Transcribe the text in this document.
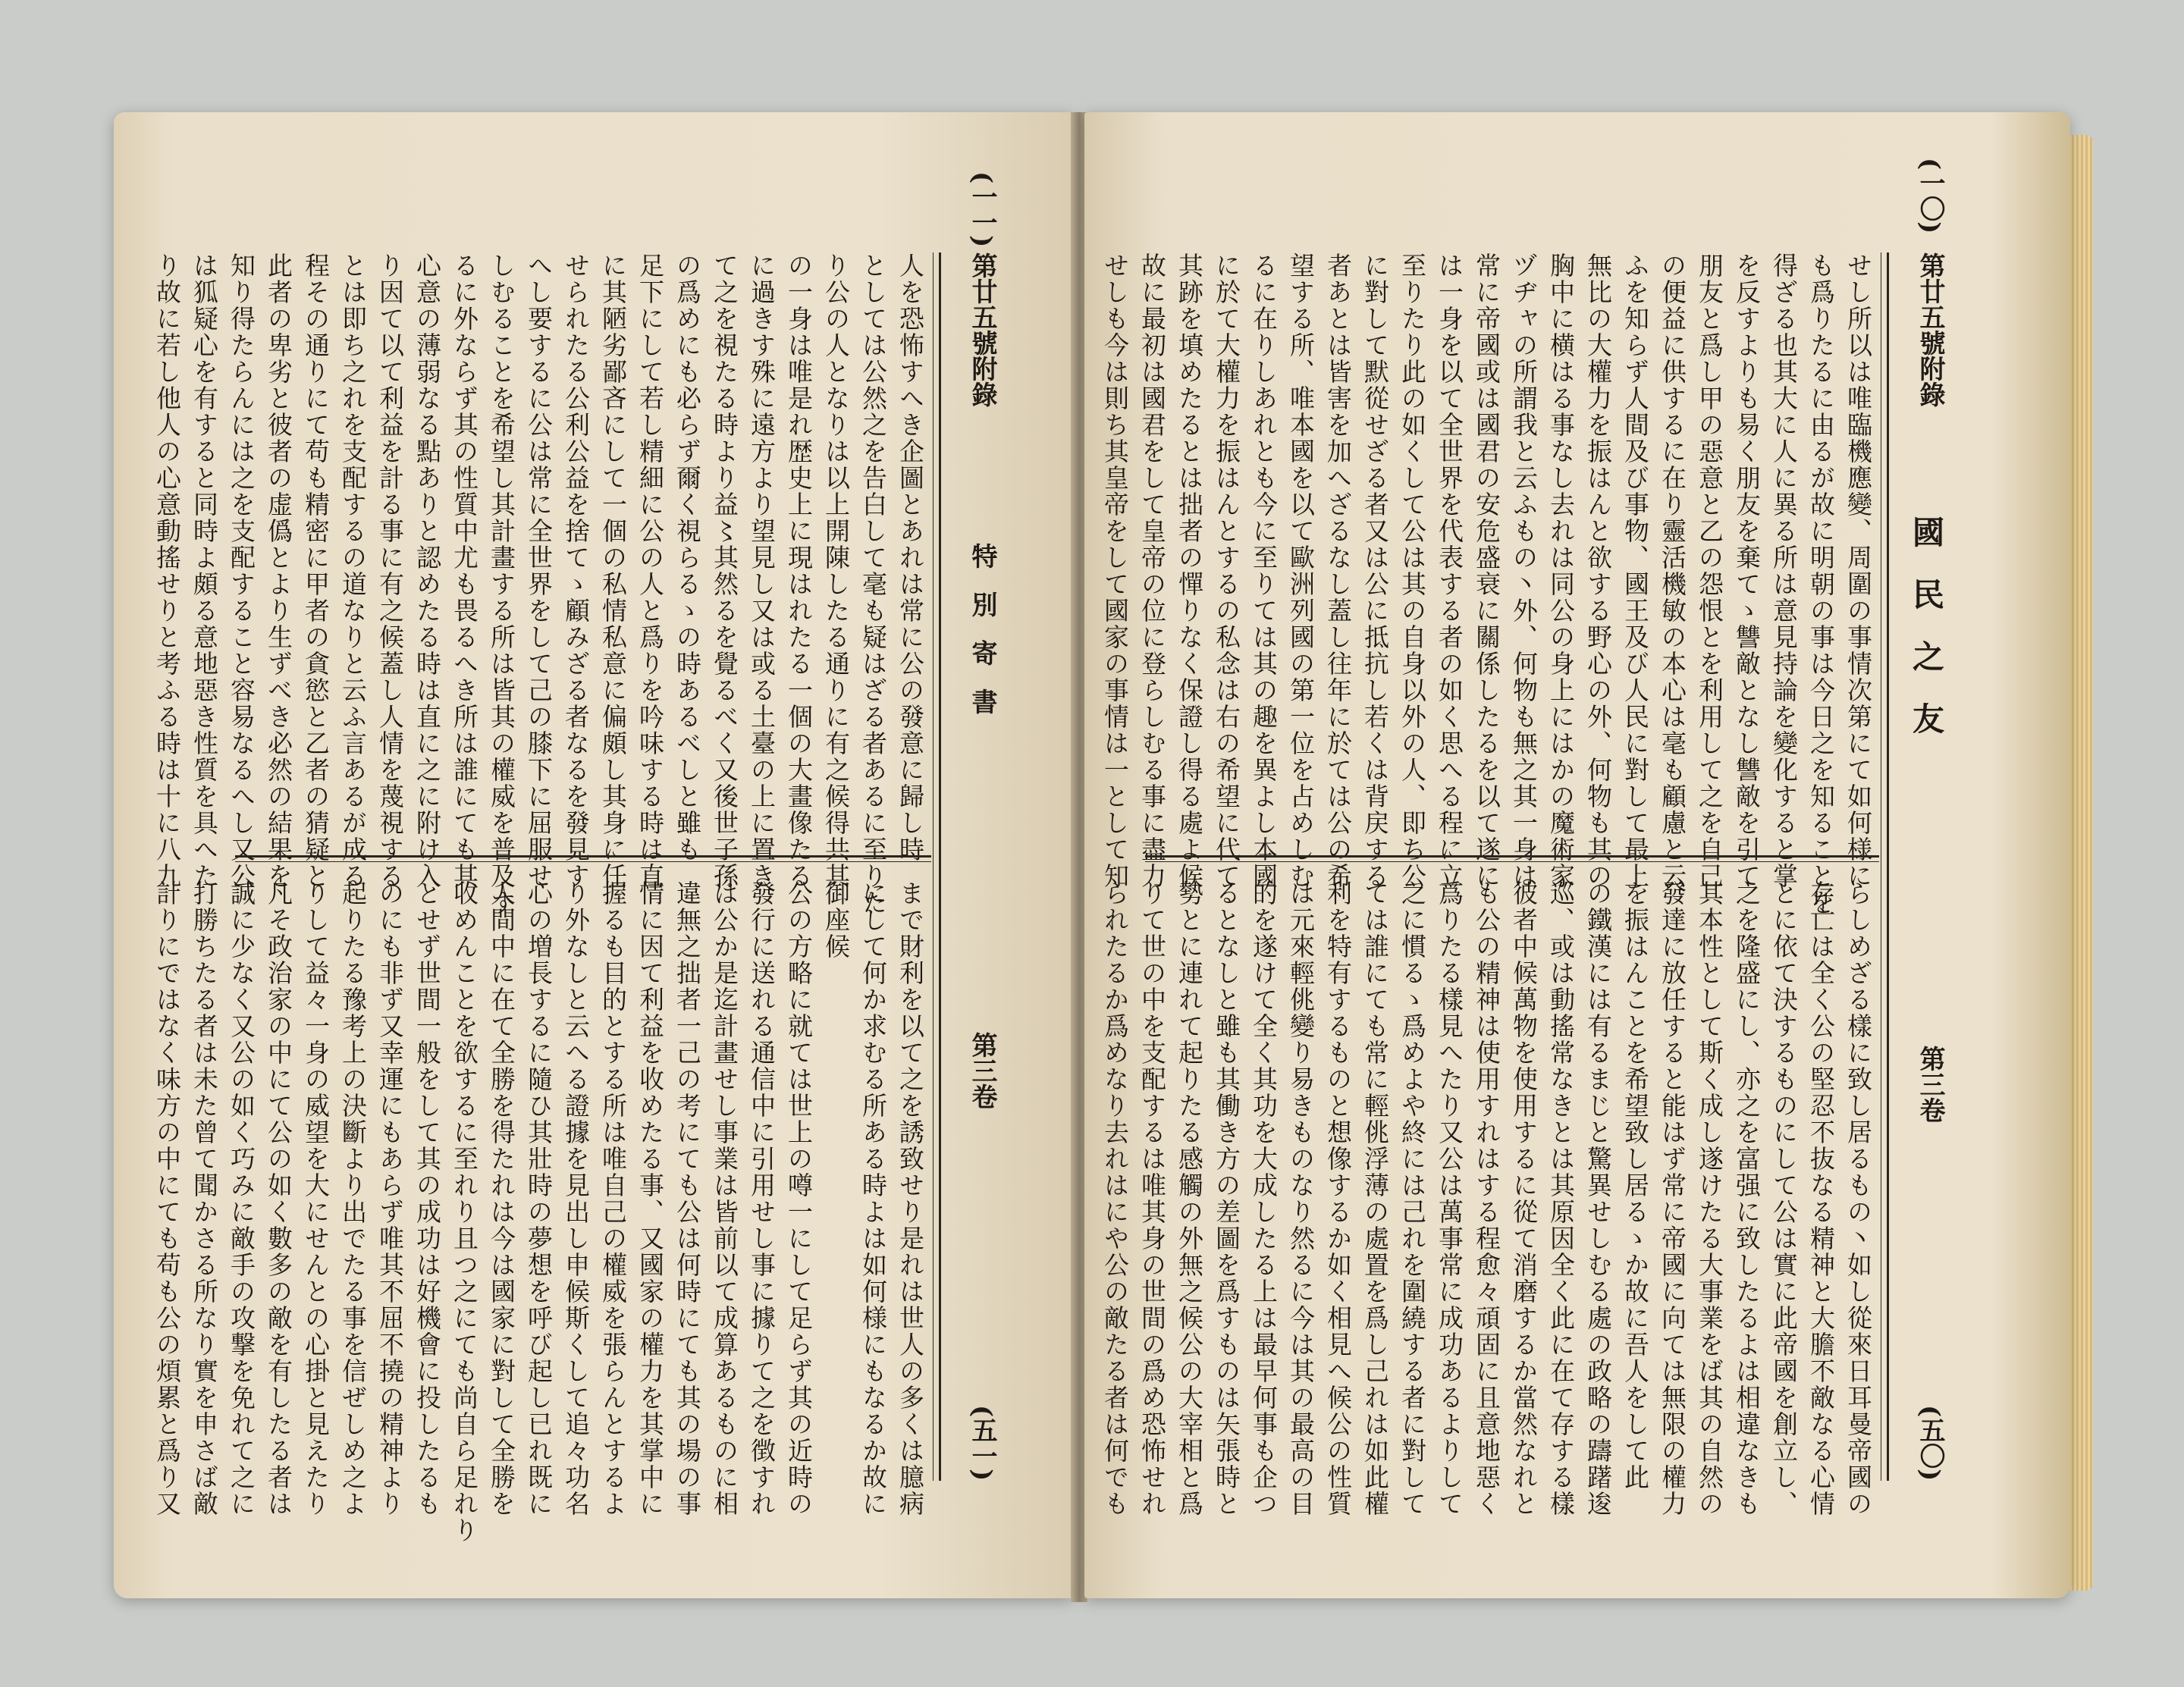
第廿五號附錄
(一一)
特別寄書
第三卷
(五一)
人を恐怖すへき企圖とあれは常に公の發意に歸し時
としては公然之を告白して毫も疑はざる者あるに至りた
り公の人となりは以上開陳したる通りに有之候得共其
の一身は唯是れ歴史上に現はれたる一個の大畫像たる
に過きす殊に遠方より望見し又は或る土臺の上に置き
て之を視たる時より益〻其然るを覺るべく又後世子孫
の爲めにも必らず爾く視らるゝの時あるべしと雖も
足下にして若し精細に公の人と爲りを吟味する時は直
に其陋劣鄙吝にして一個の私情私意に偏頗し其身に任
せられたる公利公益を捨てゝ顧みざる者なるを發見す
へし要するに公は常に全世界をして己の膝下に屈服せ
しむることを希望し其計畫する所は皆其の權威を普及す
るに外ならず其の性質中尤も畏るへき所は誰にても其
心意の薄弱なる點ありと認めたる時は直に之に附け入
り因て以て利益を計る事に有之候蓋し人情を蔑視する
とは即ち之れを支配するの道なりと云ふ言あるが成る
程その通りにて苟も精密に甲者の貪慾と乙者の猜疑と
此者の卑劣と彼者の虚僞とより生ずべき必然の結果を
知り得たらんには之を支配すること容易なるへし又公
は狐疑心を有すると同時よ頗る意地惡き性質を具へた
り故に若し他人の心意動搖せりと考ふる時は十に八九
まで財利を以て之を誘致せり是れは世人の多くは臆病
にして何か求むる所ある時よは如何様にもなるか故に
御座候
公の方略に就ては世上の噂一にして足らず其の近時の
發行に送れる通信中に引用せし事に據りて之を徴すれ
は公か是迄計畫せし事業は皆前以て成算あるものに相
違無之拙者一己の考にても公は何時にても其の場の事
情に因て利益を收めたる事、又國家の權力を其掌中に
握るも目的とする所は唯自己の權威を張らんとするよ
り外なしと云へる證據を見出し申候斯くして追々功名
心の増長するに隨ひ其壯時の夢想を呼び起し已れ既に
人間中に在て全勝を得たれは今は國家に對して全勝を
收めんことを欲するに至れり且つ之にても尚自ら足れり
とせず世間一般をして其の成功は好機會に投したるも
のにも非ず又幸運にもあらず唯其不屈不撓の精神より
起りたる豫考上の決斷より出でたる事を信ぜしめ之よ
りして益々一身の威望を大にせんとの心掛と見えたり
凡そ政治家の中にて公の如く數多の敵を有したる者は
誠に少なく又公の如く巧みに敵手の攻撃を免れて之に
打勝ちたる者は未た曾て聞かさる所なり實を申さば敵
計りにではなく味方の中にても苟も公の煩累と爲り又
第廿五號附錄
(一〇)
國民之友
第三卷
(五〇)
せし所以は唯臨機應變、周圍の事情次第にて如何様に
も爲りたるに由るが故に明朝の事は今日之を知ることを
得ざる也其大に人に異る所は意見持論を變化すると掌
を反すよりも易く朋友を棄てゝ讐敵となし讐敵を引て
朋友と爲し甲の惡意と乙の怨恨とを利用して之を自己
の便益に供するに在り靈活機敏の本心は毫も顧慮と云
ふを知らず人間及び事物、國王及び人民に對して最上
無比の大權力を振はんと欲する野心の外、何物も其の
胸中に横はる事なし去れは同公の身上にはかの魔術家
ヅヂャの所謂我と云ふもの丶外、何物も無之其一身は
常に帝國或は國君の安危盛衰に關係したるを以て遂に
は一身を以て全世界を代表する者の如く思へる程に立
至りたり此の如くして公は其の自身以外の人、即ち公
に對して默從せざる者又は公に抵抗し若くは背戻する
者あとは皆害を加へざるなし蓋し往年に於ては公の希
望する所、唯本國を以て歐洲列國の第一位を占めしむ
るに在りしあれとも今に至りては其の趣を異よし本國
に於て大權力を振はんとするの私念は右の希望に代て
其跡を填めたるとは拙者の憚りなく保證し得る處よ候
故に最初は國君をして皇帝の位に登らしむる事に盡力
せしも今は則ち其皇帝をして國家の事情は一として知
らしめざる樣に致し居るもの丶如し從來日耳曼帝國の
存亡は全く公の堅忍不抜なる精神と大膽不敵なる心情
とに依て決するものにして公は實に此帝國を創立し、
之を隆盛にし、亦之を富强に致したるよは相違なきも
其本性として斯く成し遂けたる大事業をば其の自然の
發達に放任すると能はず常に帝國に向ては無限の權力
を振はんことを希望致し居るゝか故に吾人をして此
の鐵漢には有るまじと驚異せしむる處の政略の躊躇逡
巡、或は動搖常なきとは其原因全く此に在て存する樣
彼者中候萬物を使用するに從て消磨するか當然なれと
も公の精神は使用すれはする程愈々頑固に且意地惡く
爲りたる樣見へたり又公は萬事常に成功あるよりして
之に慣るゝ爲めよや終には己れを圍繞する者に對して
ては誰にても常に輕佻浮薄の處置を爲し己れは如此權
利を特有するものと想像するか如く相見へ候公の性質
は元來輕佻變り易きものなり然るに今は其の最高の目
的を遂けて全く其功を大成したる上は最早何事も企つ
るとなしと雖も其働き方の差圖を爲すものは矢張時と
勢とに連れて起りたる感觸の外無之候公の大宰相と爲
りて世の中を支配するは唯其身の世間の爲め恐怖せれ
られたるか爲めなり去れはにや公の敵たる者は何でも
